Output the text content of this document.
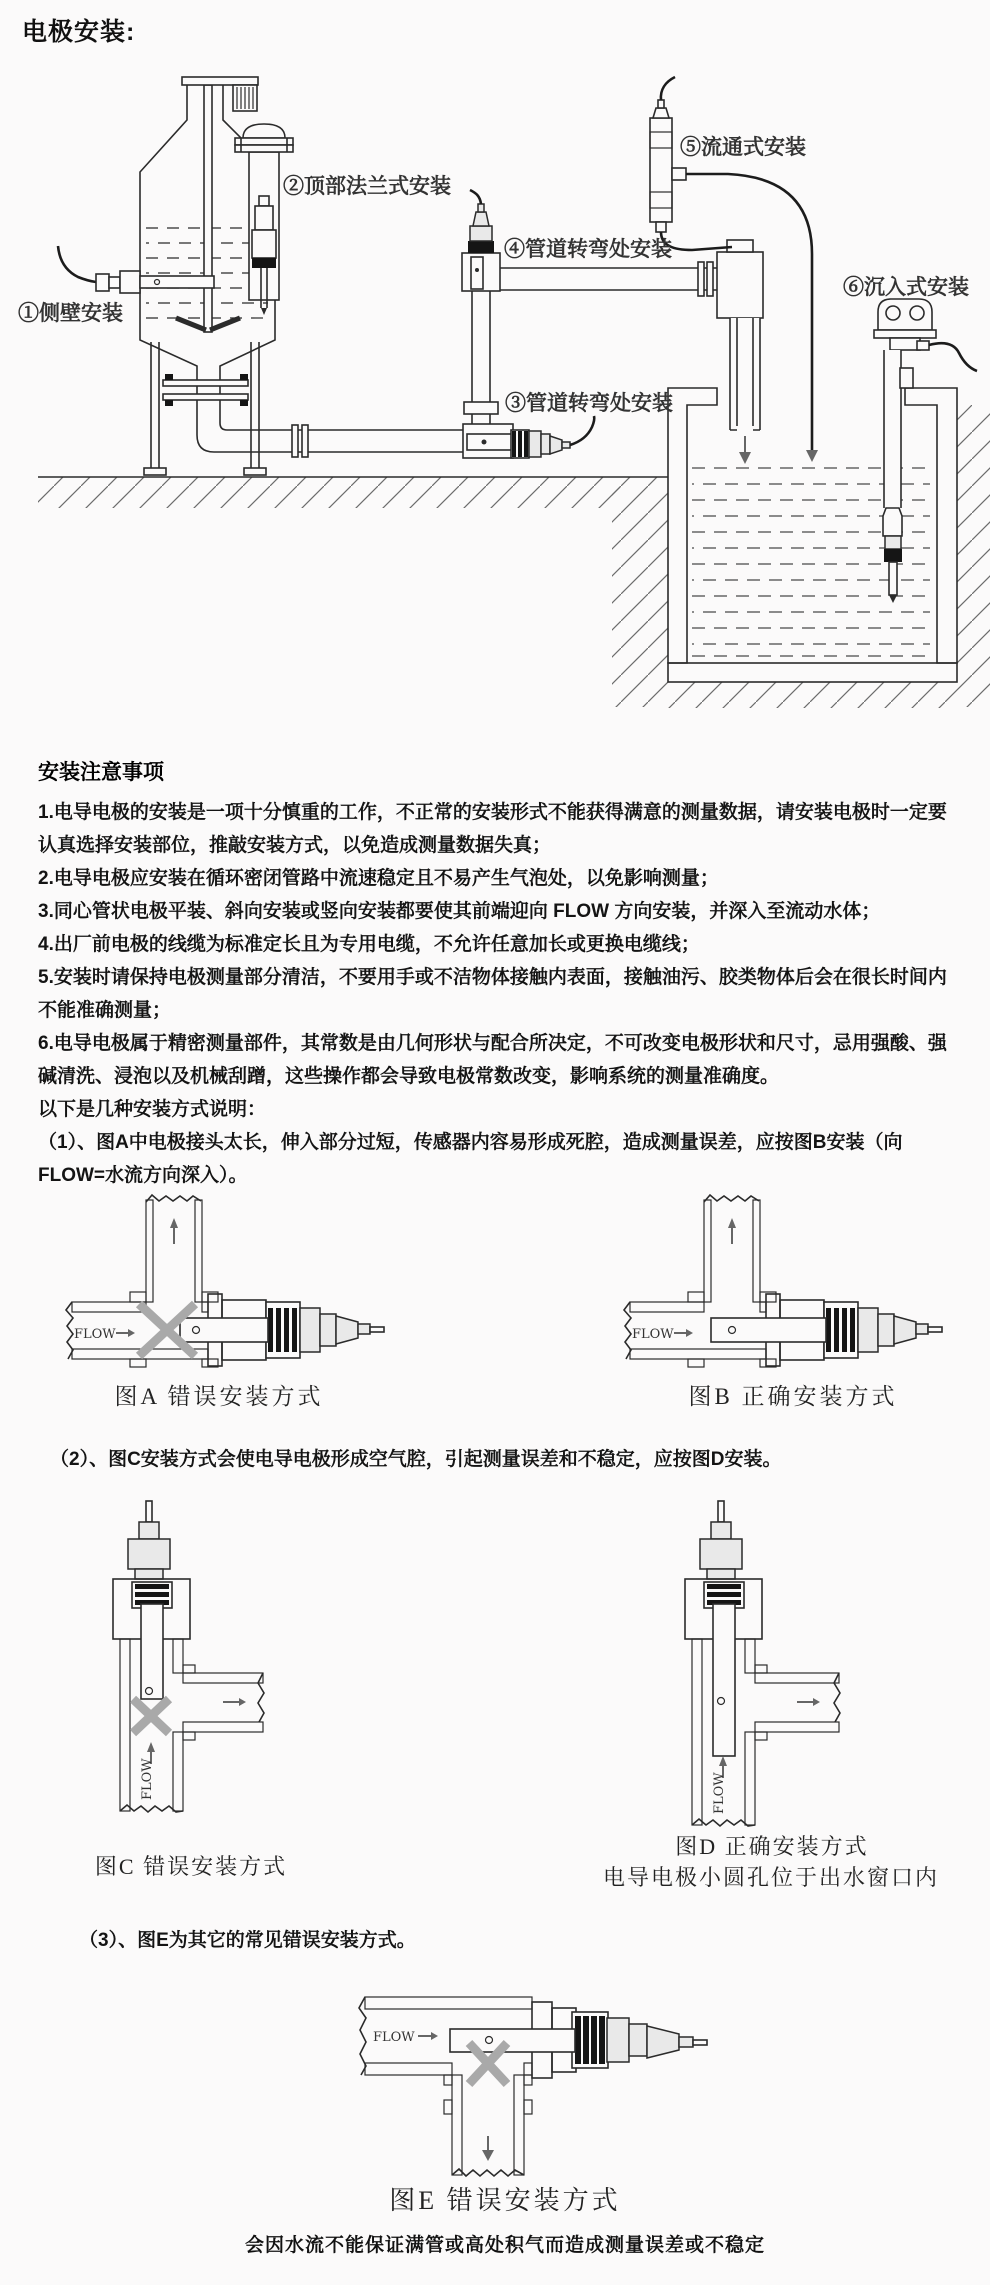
电极安装:
①侧壁安装
②顶部法兰式安装
③管道转弯处安装
④管道转弯处安装
⑤流通式安装
⑥沉入式安装
安装注意事项

1.电导电极的安装是一项十分慎重的工作，不正常的安装形式不能获得满意的测量数据，请安装电极时一定要认真选择安装部位，推敲安装方式，以免造成测量数据失真；

2.电导电极应安装在循环密闭管路中流速稳定且不易产生气泡处，以免影响测量；

3.同心管状电极平装、斜向安装或竖向安装都要使其前端迎向 FLOW 方向安装，并深入至流动水体；

4.出厂前电极的线缆为标准定长且为专用电缆，不允许任意加长或更换电缆线；

5.安装时请保持电极测量部分清洁，不要用手或不洁物体接触内表面，接触油污、胶类物体后会在很长时间内不能准确测量；

6.电导电极属于精密测量部件，其常数是由几何形状与配合所决定，不可改变电极形状和尺寸，忌用强酸、强碱清洗、浸泡以及机械刮蹭，这些操作都会导致电极常数改变，影响系统的测量准确度。

以下是几种安装方式说明：

（1）、图A中电极接头太长，伸入部分过短，传感器内容易形成死腔，造成测量误差，应按图B安装（向FLOW=水流方向深入）。

FLOW	FLOW
图A 错误安装方式	图B 正确安装方式
（2）、图C安装方式会使电导电极形成空气腔，引起测量误差和不稳定，应按图D安装。
FLOW	FLOW
图C 错误安装方式
图D 正确安装方式
电导电极小圆孔位于出水窗口内
（3）、图E为其它的常见错误安装方式。
FLOW
图E 错误安装方式
会因水流不能保证满管或高处积气而造成测量误差或不稳定
